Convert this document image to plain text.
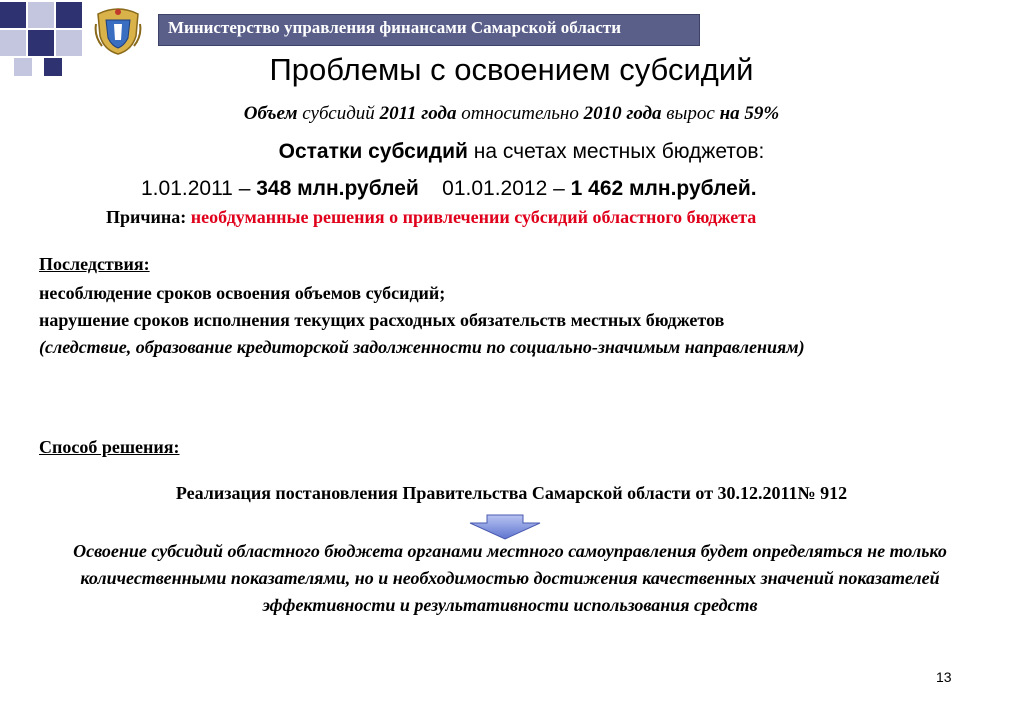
Министерство управления финансами Самарской области
Проблемы с освоением субсидий
Объем субсидий 2011 года относительно 2010 года вырос на 59%
Остатки субсидий на счетах местных бюджетов:
1.01.2011 – 348 млн.рублей 01.01.2012 – 1 462 млн.рублей.
Причина: необдуманные решения о привлечении субсидий областного бюджета
Последствия:
несоблюдение сроков освоения объемов субсидий;
нарушение сроков исполнения текущих расходных обязательств местных бюджетов
(следствие, образование кредиторской задолженности по социально-значимым направлениям)
Способ решения:
Реализация постановления Правительства Самарской области от 30.12.2011№ 912
Освоение субсидий областного бюджета органами местного самоуправления будет определяться не только количественными показателями, но и необходимостью достижения качественных значений показателей эффективности и результативности использования средств
13
